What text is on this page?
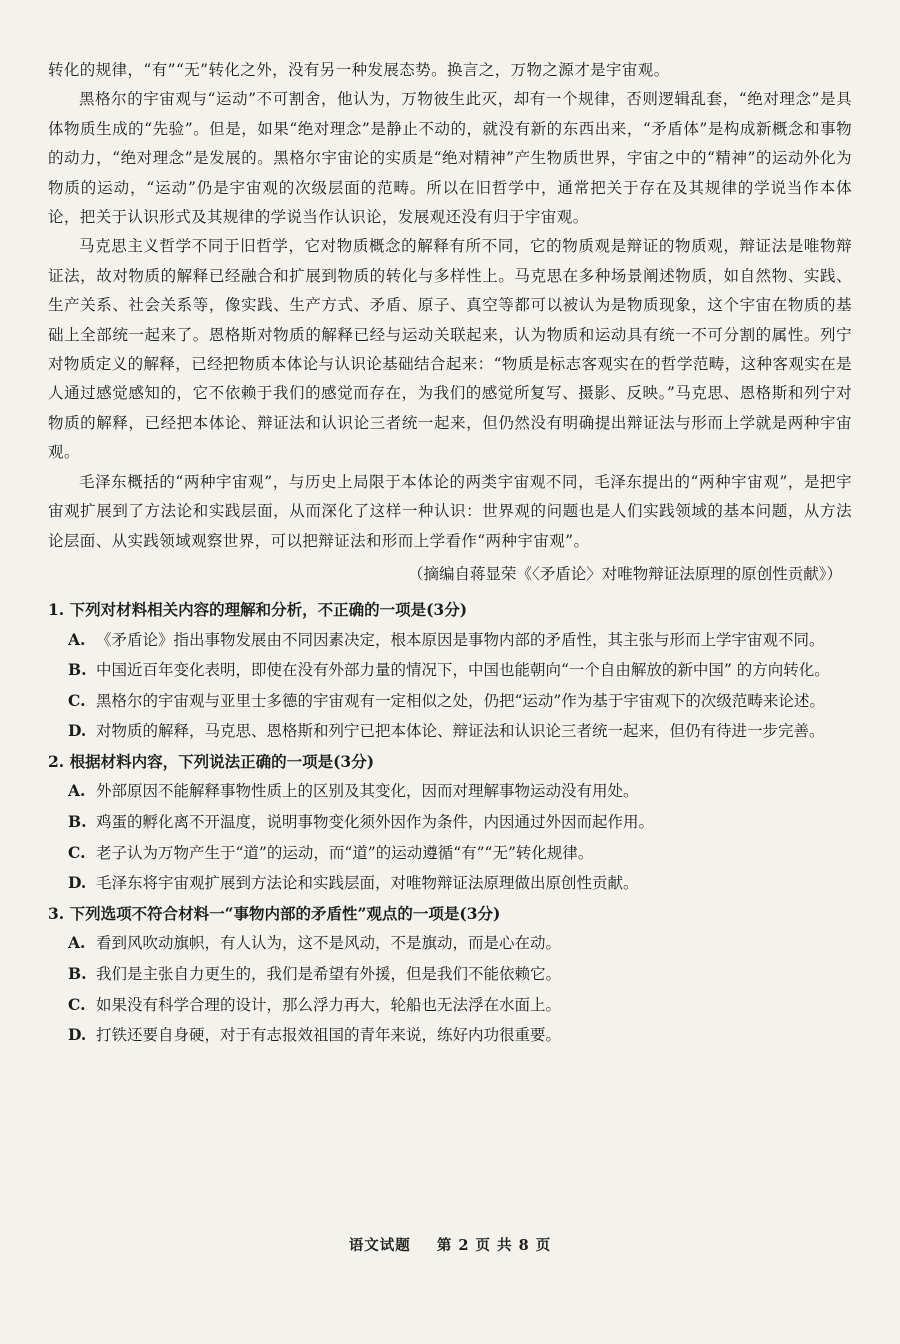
转化的规律，“有”“无”转化之外，没有另一种发展态势。换言之，万物之源才是宇宙观。

黑格尔的宇宙观与“运动”不可割舍，他认为，万物彼生此灭，却有一个规律，否则逻辑乱套，“绝对理念”是具体物质生成的“先验”。但是，如果“绝对理念”是静止不动的，就没有新的东西出来，“矛盾体”是构成新概念和事物的动力，“绝对理念”是发展的。黑格尔宇宙论的实质是“绝对精神”产生物质世界，宇宙之中的“精神”的运动外化为物质的运动，“运动”仍是宇宙观的次级层面的范畴。所以在旧哲学中，通常把关于存在及其规律的学说当作本体论，把关于认识形式及其规律的学说当作认识论，发展观还没有归于宇宙观。

马克思主义哲学不同于旧哲学，它对物质概念的解释有所不同，它的物质观是辩证的物质观，辩证法是唯物辩证法，故对物质的解释已经融合和扩展到物质的转化与多样性上。马克思在多种场景阐述物质，如自然物、实践、生产关系、社会关系等，像实践、生产方式、矛盾、原子、真空等都可以被认为是物质现象，这个宇宙在物质的基础上全部统一起来了。恩格斯对物质的解释已经与运动关联起来，认为物质和运动具有统一不可分割的属性。列宁对物质定义的解释，已经把物质本体论与认识论基础结合起来：“物质是标志客观实在的哲学范畴，这种客观实在是人通过感觉感知的，它不依赖于我们的感觉而存在，为我们的感觉所复写、摄影、反映。”马克思、恩格斯和列宁对物质的解释，已经把本体论、辩证法和认识论三者统一起来，但仍然没有明确提出辩证法与形而上学就是两种宇宙观。

毛泽东概括的“两种宇宙观”，与历史上局限于本体论的两类宇宙观不同，毛泽东提出的“两种宇宙观”，是把宇宙观扩展到了方法论和实践层面，从而深化了这样一种认识：世界观的问题也是人们实践领域的基本问题，从方法论层面、从实践领域观察世界，可以把辩证法和形而上学看作“两种宇宙观”。

（摘编自蒋显荣《〈矛盾论〉对唯物辩证法原理的原创性贡献》）

1. 下列对材料相关内容的理解和分析，不正确的一项是(3分)

A. 《矛盾论》指出事物发展由不同因素决定，根本原因是事物内部的矛盾性，其主张与形而上学宇宙观不同。

B. 中国近百年变化表明，即使在没有外部力量的情况下，中国也能朝向“一个自由解放的新中国” 的方向转化。

C. 黑格尔的宇宙观与亚里士多德的宇宙观有一定相似之处，仍把“运动”作为基于宇宙观下的次级范畴来论述。

D. 对物质的解释，马克思、恩格斯和列宁已把本体论、辩证法和认识论三者统一起来，但仍有待进一步完善。

2. 根据材料内容，下列说法正确的一项是(3分)

A. 外部原因不能解释事物性质上的区别及其变化，因而对理解事物运动没有用处。

B. 鸡蛋的孵化离不开温度，说明事物变化须外因作为条件，内因通过外因而起作用。

C. 老子认为万物产生于“道”的运动，而“道”的运动遵循“有”“无”转化规律。

D. 毛泽东将宇宙观扩展到方法论和实践层面，对唯物辩证法原理做出原创性贡献。

3. 下列选项不符合材料一“事物内部的矛盾性”观点的一项是(3分)

A. 看到风吹动旗帜，有人认为，这不是风动，不是旗动，而是心在动。

B. 我们是主张自力更生的，我们是希望有外援，但是我们不能依赖它。

C. 如果没有科学合理的设计，那么浮力再大，轮船也无法浮在水面上。

D. 打铁还要自身硬，对于有志报效祖国的青年来说，练好内功很重要。

语文试题 第 2 页 共 8 页
